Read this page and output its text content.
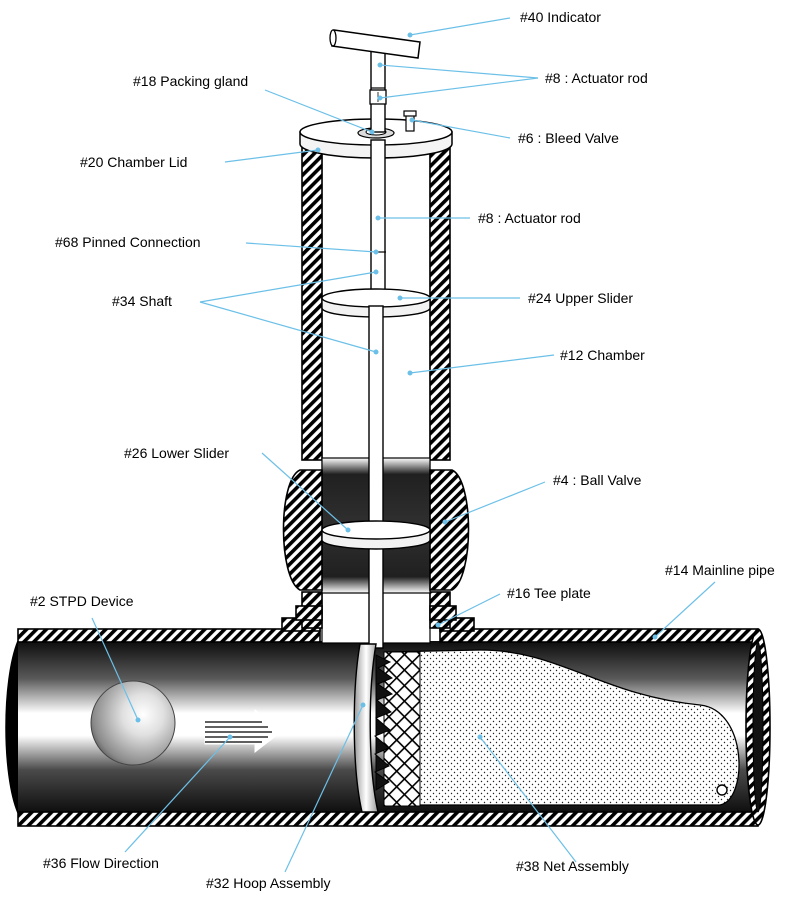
#40 Indicator
#8 : Actuator rod
#18 Packing gland
#6 : Bleed Valve
#20 Chamber Lid
#8 : Actuator rod
#68 Pinned Connection
#34 Shaft	#24 Upper Slider
#12 Chamber
#26 Lower Slider
#4 : Ball Valve
#14 Mainline pipe
#2 STPD Device	#16 Tee plate
#36 Flow Direction
#32 Hoop Assembly
#38 Net Assembly
